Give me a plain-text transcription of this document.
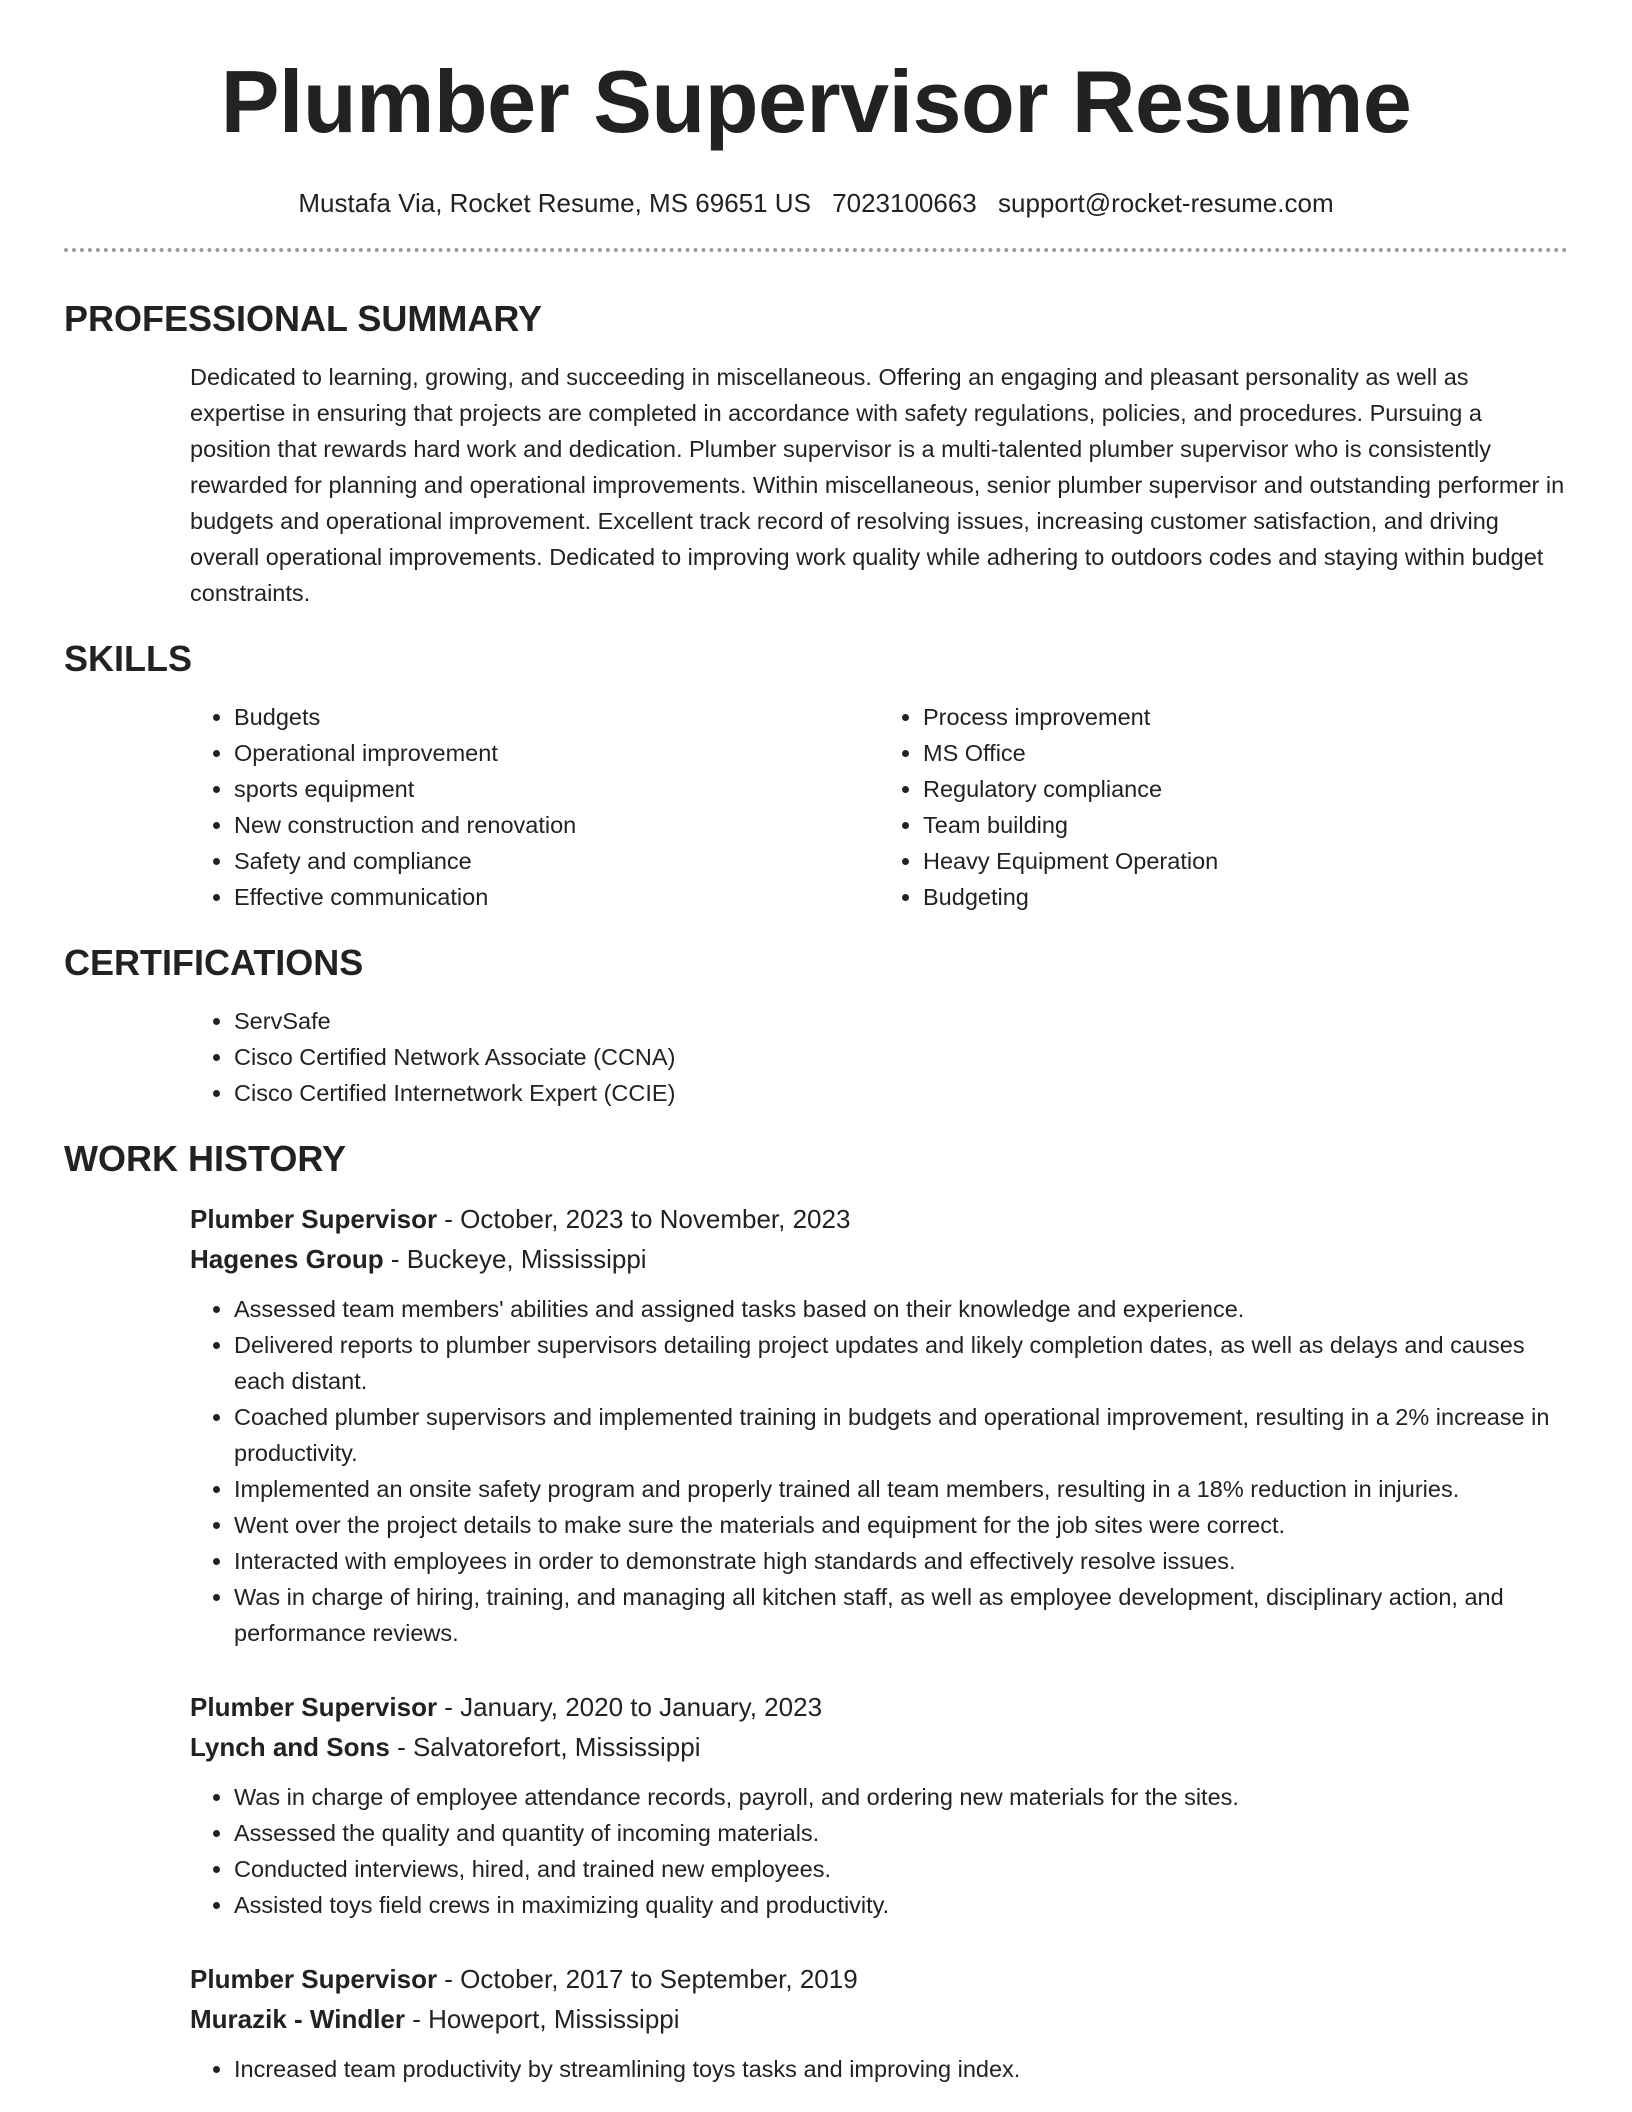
Plumber Supervisor Resume
Mustafa Via, Rocket Resume, MS 69651 US 7023100663 support@rocket-resume.com
PROFESSIONAL SUMMARY
Dedicated to learning, growing, and succeeding in miscellaneous. Offering an engaging and pleasant personality as well as expertise in ensuring that projects are completed in accordance with safety regulations, policies, and procedures. Pursuing a position that rewards hard work and dedication. Plumber supervisor is a multi-talented plumber supervisor who is consistently rewarded for planning and operational improvements. Within miscellaneous, senior plumber supervisor and outstanding performer in budgets and operational improvement. Excellent track record of resolving issues, increasing customer satisfaction, and driving overall operational improvements. Dedicated to improving work quality while adhering to outdoors codes and staying within budget constraints.
SKILLS
• Budgets
• Operational improvement
• sports equipment
• New construction and renovation
• Safety and compliance
• Effective communication
• Process improvement
• MS Office
• Regulatory compliance
• Team building
• Heavy Equipment Operation
• Budgeting
CERTIFICATIONS
• ServSafe
• Cisco Certified Network Associate (CCNA)
• Cisco Certified Internetwork Expert (CCIE)
WORK HISTORY
Plumber Supervisor - October, 2023 to November, 2023
Hagenes Group - Buckeye, Mississippi
• Assessed team members' abilities and assigned tasks based on their knowledge and experience.
• Delivered reports to plumber supervisors detailing project updates and likely completion dates, as well as delays and causes each distant.
• Coached plumber supervisors and implemented training in budgets and operational improvement, resulting in a 2% increase in productivity.
• Implemented an onsite safety program and properly trained all team members, resulting in a 18% reduction in injuries.
• Went over the project details to make sure the materials and equipment for the job sites were correct.
• Interacted with employees in order to demonstrate high standards and effectively resolve issues.
• Was in charge of hiring, training, and managing all kitchen staff, as well as employee development, disciplinary action, and performance reviews.
Plumber Supervisor - January, 2020 to January, 2023
Lynch and Sons - Salvatorefort, Mississippi
• Was in charge of employee attendance records, payroll, and ordering new materials for the sites.
• Assessed the quality and quantity of incoming materials.
• Conducted interviews, hired, and trained new employees.
• Assisted toys field crews in maximizing quality and productivity.
Plumber Supervisor - October, 2017 to September, 2019
Murazik - Windler - Howeport, Mississippi
• Increased team productivity by streamlining toys tasks and improving index.
